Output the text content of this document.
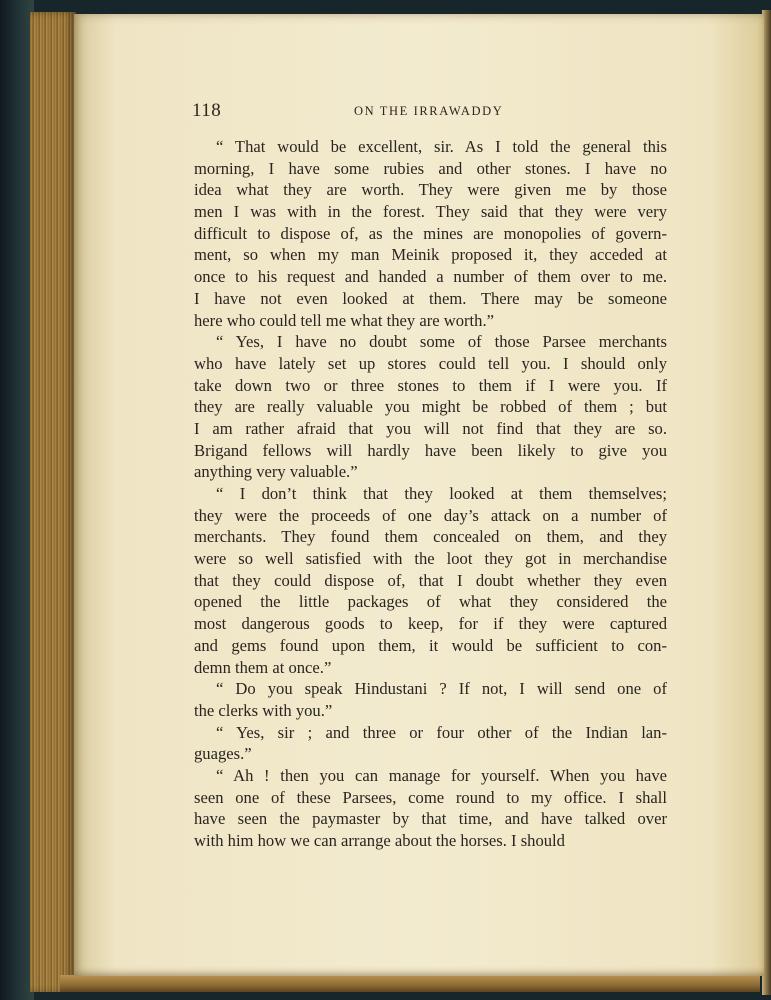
118	ON THE IRRAWADDY
“ That would be excellent, sir. As I told the general this
morning, I have some rubies and other stones. I have no
idea what they are worth. They were given me by those
men I was with in the forest. They said that they were very
difficult to dispose of, as the mines are monopolies of govern-
ment, so when my man Meinik proposed it, they acceded at
once to his request and handed a number of them over to me.
I have not even looked at them. There may be someone
here who could tell me what they are worth.”
“ Yes, I have no doubt some of those Parsee merchants
who have lately set up stores could tell you. I should only
take down two or three stones to them if I were you. If
they are really valuable you might be robbed of them ; but
I am rather afraid that you will not find that they are so.
Brigand fellows will hardly have been likely to give you
anything very valuable.”
“ I don’t think that they looked at them themselves;
they were the proceeds of one day’s attack on a number of
merchants. They found them concealed on them, and they
were so well satisfied with the loot they got in merchandise
that they could dispose of, that I doubt whether they even
opened the little packages of what they considered the
most dangerous goods to keep, for if they were captured
and gems found upon them, it would be sufficient to con-
demn them at once.”
“ Do you speak Hindustani ? If not, I will send one of
the clerks with you.”
“ Yes, sir ; and three or four other of the Indian lan-
guages.”
“ Ah ! then you can manage for yourself. When you have
seen one of these Parsees, come round to my office. I shall
have seen the paymaster by that time, and have talked over
with him how we can arrange about the horses. I should
